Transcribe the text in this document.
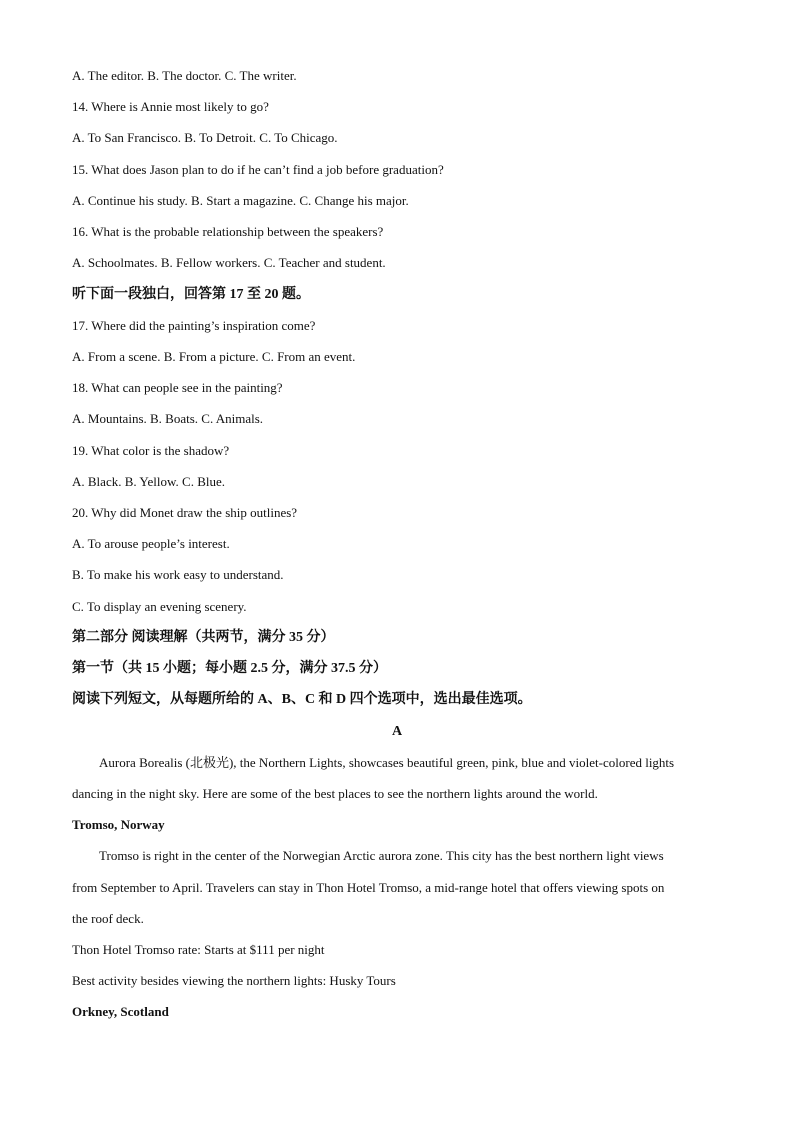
A. The editor. B. The doctor. C. The writer.
14. Where is Annie most likely to go?
A. To San Francisco. B. To Detroit. C. To Chicago.
15. What does Jason plan to do if he can’t find a job before graduation?
A. Continue his study. B. Start a magazine. C. Change his major.
16. What is the probable relationship between the speakers?
A. Schoolmates. B. Fellow workers. C. Teacher and student.
听下面一段独白，回答第 17 至 20 题。
17. Where did the painting’s inspiration come?
A. From a scene. B. From a picture. C. From an event.
18. What can people see in the painting?
A. Mountains. B. Boats. C. Animals.
19. What color is the shadow?
A. Black. B. Yellow. C. Blue.
20. Why did Monet draw the ship outlines?
A. To arouse people’s interest.
B. To make his work easy to understand.
C. To display an evening scenery.
第二部分 阅读理解（共两节，满分 35 分）
第一节（共 15 小题；每小题 2.5 分，满分 37.5 分）
阅读下列短文，从每题所给的 A、B、C 和 D 四个选项中，选出最佳选项。
A
Aurora Borealis (北极光), the Northern Lights, showcases beautiful green, pink, blue and violet-colored lights
dancing in the night sky. Here are some of the best places to see the northern lights around the world.
Tromso, Norway
Tromso is right in the center of the Norwegian Arctic aurora zone. This city has the best northern light views
from September to April. Travelers can stay in Thon Hotel Tromso, a mid-range hotel that offers viewing spots on
the roof deck.
Thon Hotel Tromso rate: Starts at $111 per night
Best activity besides viewing the northern lights: Husky Tours
Orkney, Scotland
